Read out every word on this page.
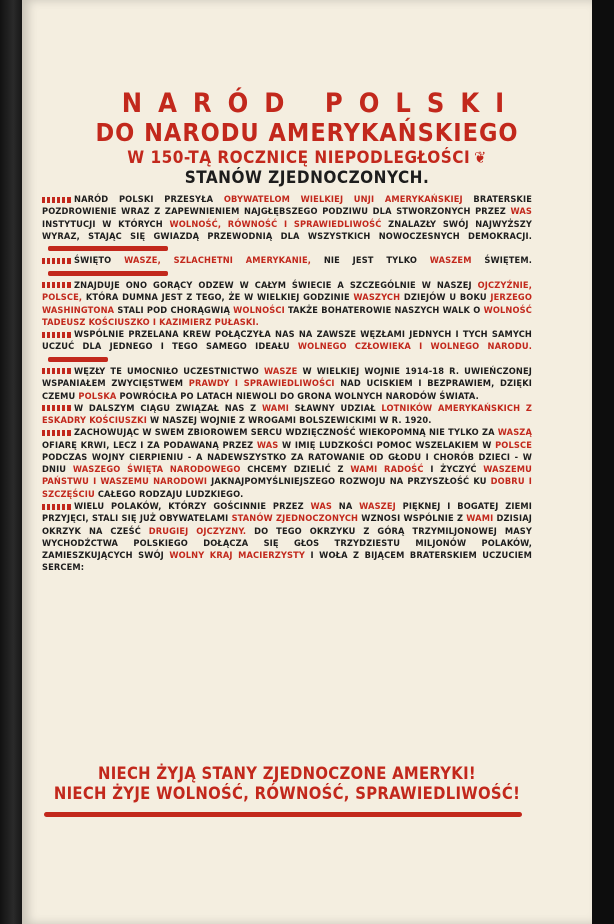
NARÓD POLSKI
DO NARODU AMERYKAŃSKIEGO
W 150-TĄ ROCZNICĘ NIEPODLEGŁOŚCI ❦
STANÓW ZJEDNOCZONYCH.
NARÓD POLSKI PRZESYŁA OBYWATELOM WIELKIEJ UNJI AMERYKAŃSKIEJ BRATERSKIE POZDROWIENIE WRAZ Z ZAPEWNIENIEM NAJGŁĘBSZEGO PODZIWU DLA STWORZONYCH PRZEZ WAS INSTYTUCJI W KTÓRYCH WOLNOŚĆ, RÓWNOŚĆ I SPRAWIEDLIWOŚĆ ZNALAZŁY SWÓJ NAJWYŻSZY WYRAZ, STAJĄC SIĘ GWIAZDĄ PRZEWODNIĄ DLA WSZYSTKICH NOWOCZESNYCH DEMOKRACJI.
ŚWIĘTO WASZE, SZLACHETNI AMERYKANIE, NIE JEST TYLKO WASZEM ŚWIĘTEM.
ZNAJDUJE ONO GORĄCY ODZEW W CAŁYM ŚWIECIE A SZCZEGÓLNIE W NASZEJ OJCZYŹNIE, POLSCE, KTÓRA DUMNA JEST Z TEGO, ŻE W WIELKIEJ GODZINIE WASZYCH DZIEJÓW U BOKU JERZEGO WASHINGTONA STALI POD CHORĄGWIĄ WOLNOŚCI TAKŻE BOHATEROWIE NASZYCH WALK O WOLNOŚĆ TADEUSZ KOŚCIUSZKO I KAZIMIERZ PUŁASKI.
WSPÓLNIE PRZELANA KREW POŁĄCZYŁA NAS NA ZAWSZE WĘZŁAMI JEDNYCH I TYCH SAMYCH UCZUĆ DLA JEDNEGO I TEGO SAMEGO IDEAŁU WOLNEGO CZŁOWIEKA I WOLNEGO NARODU.
WĘZŁY TE UMOCNIŁO UCZESTNICTWO WASZE W WIELKIEJ WOJNIE 1914-18 R. UWIEŃCZONEJ WSPANIAŁEM ZWYCIĘSTWEM PRAWDY I SPRAWIEDLIWOŚCI NAD UCISKIEM I BEZPRAWIEM, DZIĘKI CZEMU POLSKA POWRÓCIŁA PO LATACH NIEWOLI DO GRONA WOLNYCH NARODÓW ŚWIATA.
W DALSZYM CIĄGU ZWIĄZAŁ NAS Z WAMI SŁAWNY UDZIAŁ LOTNIKÓW AMERYKAŃSKICH Z ESKADRY KOŚCIUSZKI W NASZEJ WOJNIE Z WROGAMI BOLSZEWICKIMI W R. 1920.
ZACHOWUJĄC W SWEM ZBIOROWEM SERCU WDZIĘCZNOŚĆ WIEKOPOMNĄ NIE TYLKO ZA WASZĄ OFIARĘ KRWI, LECZ I ZA PODAWANĄ PRZEZ WAS W IMIĘ LUDZKOŚCI POMOC WSZELAKIEM W POLSCE PODCZAS WOJNY CIERPIENIU - A NADEWSZYSTKO ZA RATOWANIE OD GŁODU I CHORÓB DZIECI - W DNIU WASZEGO ŚWIĘTA NARODOWEGO CHCEMY DZIELIĆ Z WAMI RADOŚĆ I ŻYCZYĆ WASZEMU PAŃSTWU I WASZEMU NARODOWI JAKNAJPOMYŚLNIEJSZEGO ROZWOJU NA PRZYSZŁOŚĆ KU DOBRU I SZCZĘŚCIU CAŁEGO RODZAJU LUDZKIEGO.
WIELU POLAKÓW, KTÓRZY GOŚCINNIE PRZEZ WAS NA WASZEJ PIĘKNEJ I BOGATEJ ZIEMI PRZYJĘCI, STALI SIĘ JUŻ OBYWATELAMI STANÓW ZJEDNOCZONYCH WZNOSI WSPÓLNIE Z WAMI DZISIAJ OKRZYK NA CZEŚĆ DRUGIEJ OJCZYZNY. DO TEGO OKRZYKU Z GÓRĄ TRZYMILJONOWEJ MASY WYCHODŹCTWA POLSKIEGO DOŁĄCZA SIĘ GŁOS TRZYDZIESTU MILJONÓW POLAKÓW, ZAMIESZKUJĄCYCH SWÓJ WOLNY KRAJ MACIERZYSTY I WOŁA Z BIJĄCEM BRATERSKIEM UCZUCIEM SERCEM:
NIECH ŻYJĄ STANY ZJEDNOCZONE AMERYKI!
NIECH ŻYJE WOLNOŚĆ, RÓWNOŚĆ, SPRAWIEDLIWOŚĆ!
